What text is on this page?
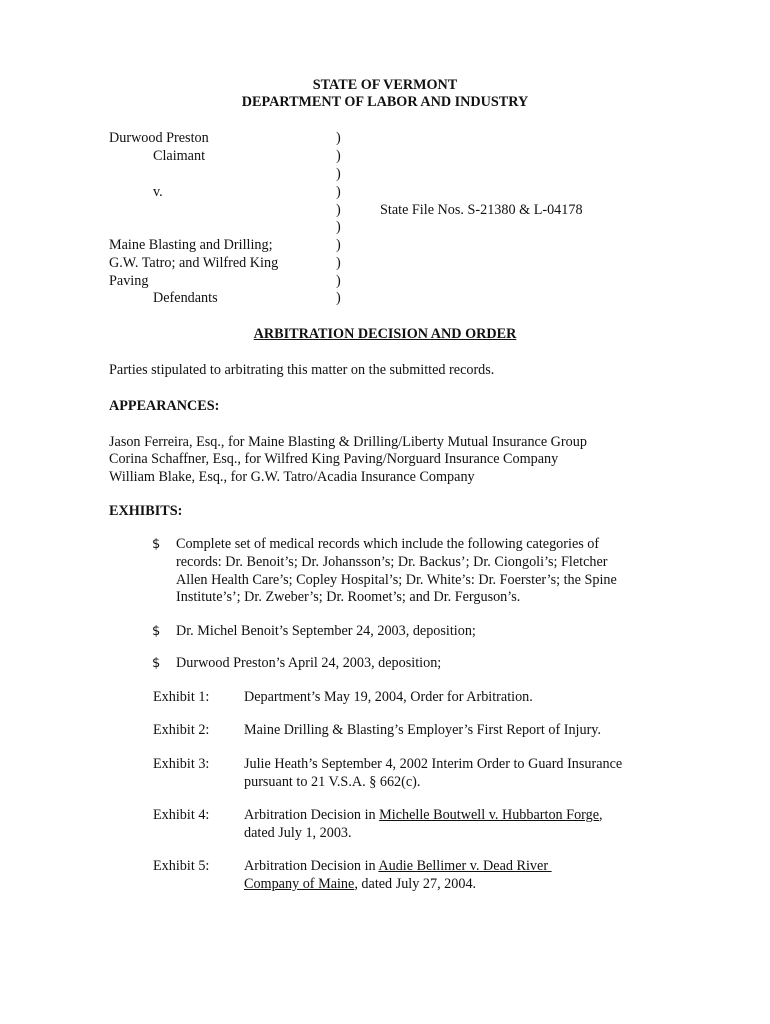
STATE OF VERMONT
DEPARTMENT OF LABOR AND INDUSTRY
Durwood Preston
Claimant
v.
Maine Blasting and Drilling;
G.W. Tatro; and Wilfred King
Paving
Defendants
)
)
)
)
)
)
)
)
)
)
State File Nos. S-21380 & L-04178
ARBITRATION DECISION AND ORDER
Parties stipulated to arbitrating this matter on the submitted records.
APPEARANCES:
Jason Ferreira, Esq., for Maine Blasting & Drilling/Liberty Mutual Insurance Group
Corina Schaffner, Esq., for Wilfred King Paving/Norguard Insurance Company
William Blake, Esq., for G.W. Tatro/Acadia Insurance Company
EXHIBITS:
$ Complete set of medical records which include the following categories of
records: Dr. Benoit’s; Dr. Johansson’s; Dr. Backus’; Dr. Ciongoli’s; Fletcher
Allen Health Care’s; Copley Hospital’s; Dr. White’s: Dr. Foerster’s; the Spine
Institute’s’; Dr. Zweber’s; Dr. Roomet’s; and Dr. Ferguson’s.
$ Dr. Michel Benoit’s September 24, 2003, deposition;
$ Durwood Preston’s April 24, 2003, deposition;
Exhibit 1: Department’s May 19, 2004, Order for Arbitration.
Exhibit 2: Maine Drilling & Blasting’s Employer’s First Report of Injury.
Exhibit 3: Julie Heath’s September 4, 2002 Interim Order to Guard Insurance
pursuant to 21 V.S.A. § 662(c).
Exhibit 4: Arbitration Decision in Michelle Boutwell v. Hubbarton Forge,
dated July 1, 2003.
Exhibit 5: Arbitration Decision in Audie Bellimer v. Dead River
Company of Maine, dated July 27, 2004.
